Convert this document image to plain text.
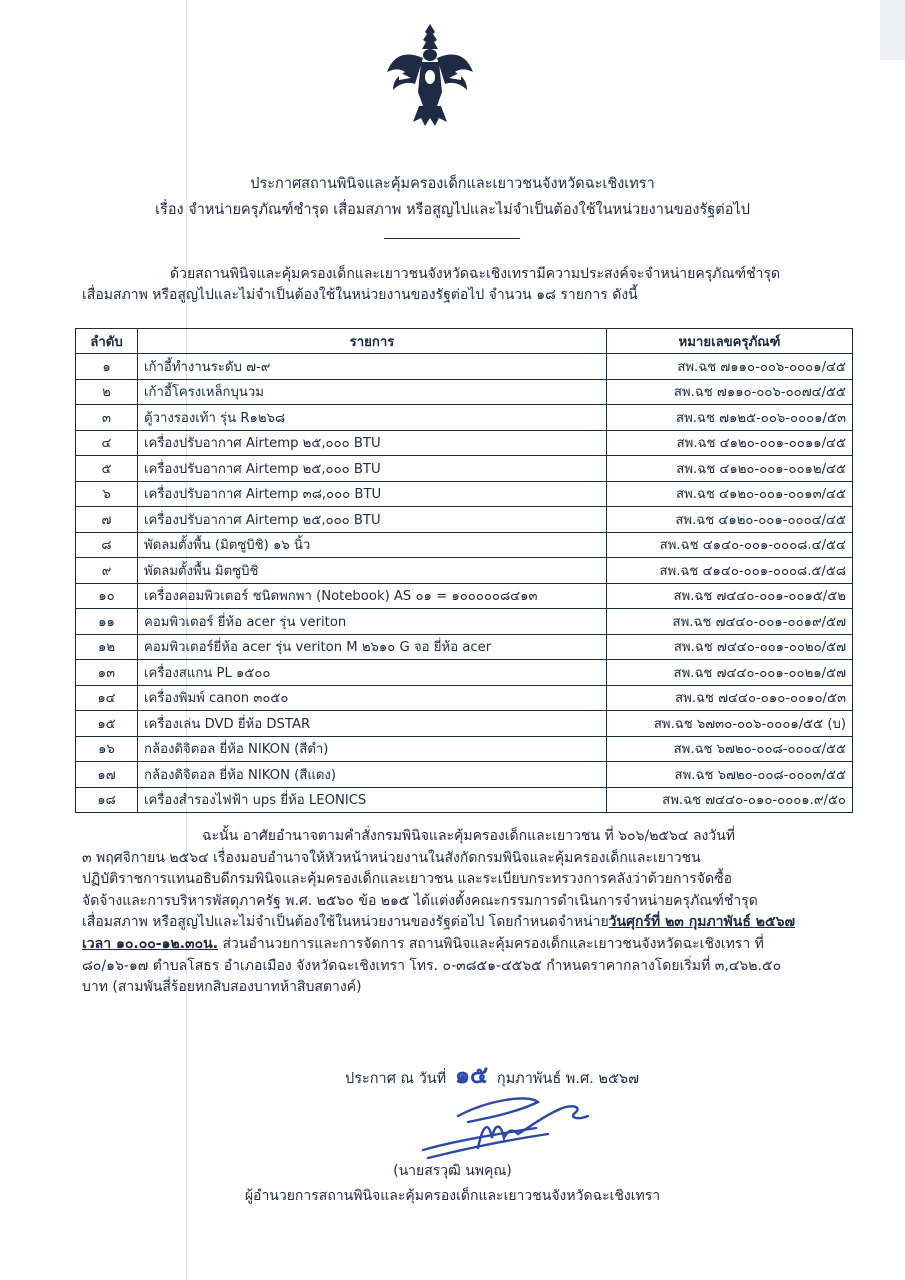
ประกาศสถานพินิจและคุ้มครองเด็กและเยาวชนจังหวัดฉะเชิงเทรา
เรื่อง จำหน่ายครุภัณฑ์ชำรุด เสื่อมสภาพ หรือสูญไปและไม่จำเป็นต้องใช้ในหน่วยงานของรัฐต่อไป
ด้วยสถานพินิจและคุ้มครองเด็กและเยาวชนจังหวัดฉะเชิงเทรามีความประสงค์จะจำหน่ายครุภัณฑ์ชำรุด
เสื่อมสภาพ หรือสูญไปและไม่จำเป็นต้องใช้ในหน่วยงานของรัฐต่อไป จำนวน ๑๘ รายการ ดังนี้
ลำดับ	รายการ	หมายเลขครุภัณฑ์
๑	เก้าอี้ทำงานระดับ ๗-๙	สพ.ฉช ๗๑๑๐-๐๐๖-๐๐๐๑/๔๕
๒	เก้าอี้โครงเหล็กบุนวม	สพ.ฉช ๗๑๑๐-๐๐๖-๐๐๗๔/๕๕
๓	ตู้วางรองเท้า รุ่น R๑๒๖๘	สพ.ฉช ๗๑๒๕-๐๐๖-๐๐๐๑/๕๓
๔	เครื่องปรับอากาศ Airtemp ๒๕,๐๐๐ BTU	สพ.ฉช ๔๑๒๐-๐๐๑-๐๐๑๑/๔๕
๕	เครื่องปรับอากาศ Airtemp ๒๕,๐๐๐ BTU	สพ.ฉช ๔๑๒๐-๐๐๑-๐๐๑๒/๔๕
๖	เครื่องปรับอากาศ Airtemp ๓๘,๐๐๐ BTU	สพ.ฉช ๔๑๒๐-๐๐๑-๐๐๑๓/๔๕
๗	เครื่องปรับอากาศ Airtemp ๒๕,๐๐๐ BTU	สพ.ฉช ๔๑๒๐-๐๐๑-๐๐๐๔/๔๕
๘	พัดลมตั้งพื้น (มิตซูบิชิ) ๑๖ นิ้ว	สพ.ฉช ๔๑๔๐-๐๐๑-๐๐๐๘.๔/๕๔
๙	พัดลมตั้งพื้น มิตซูบิชิ	สพ.ฉช ๔๑๔๐-๐๐๑-๐๐๐๘.๕/๕๘
๑๐	เครื่องคอมพิวเตอร์ ชนิดพกพา (Notebook) AS ๐๑ = ๑๐๐๐๐๐๘๔๑๓	สพ.ฉช ๗๔๔๐-๐๐๑-๐๐๑๕/๕๒
๑๑	คอมพิวเตอร์ ยี่ห้อ acer รุ่น veriton	สพ.ฉช ๗๔๔๐-๐๐๑-๐๐๑๙/๕๗
๑๒	คอมพิวเตอร์ยี่ห้อ acer รุ่น veriton M ๒๖๑๐ G จอ ยี่ห้อ acer	สพ.ฉช ๗๔๔๐-๐๐๑-๐๐๒๐/๕๗
๑๓	เครื่องสแกน PL ๑๕๐๐	สพ.ฉช ๗๔๔๐-๐๐๑-๐๐๒๑/๕๗
๑๔	เครื่องพิมพ์ canon ๓๐๕๐	สพ.ฉช ๗๔๔๐-๐๑๐-๐๐๑๐/๕๓
๑๕	เครื่องเล่น DVD ยี่ห้อ DSTAR	สพ.ฉช ๖๗๓๐-๐๐๖-๐๐๐๑/๕๕ (บ)
๑๖	กล้องดิจิตอล ยี่ห้อ NIKON (สีดำ)	สพ.ฉช ๖๗๒๐-๐๐๘-๐๐๐๔/๕๕
๑๗	กล้องดิจิตอล ยี่ห้อ NIKON (สีแดง)	สพ.ฉช ๖๗๒๐-๐๐๘-๐๐๐๓/๕๕
๑๘	เครื่องสำรองไฟฟ้า ups ยี่ห้อ LEONICS	สพ.ฉช ๗๔๔๐-๐๑๐-๐๐๐๑.๙/๕๐
ฉะนั้น อาศัยอำนาจตามคำสั่งกรมพินิจและคุ้มครองเด็กและเยาวชน ที่ ๖๐๖/๒๕๖๔ ลงวันที่
๓ พฤศจิกายน ๒๕๖๔ เรื่องมอบอำนาจให้หัวหน้าหน่วยงานในสังกัดกรมพินิจและคุ้มครองเด็กและเยาวชน
ปฏิบัติราชการแทนอธิบดีกรมพินิจและคุ้มครองเด็กและเยาวชน และระเบียบกระทรวงการคลังว่าด้วยการจัดซื้อ
จัดจ้างและการบริหารพัสดุภาครัฐ พ.ศ. ๒๕๖๐ ข้อ ๒๑๕ ได้แต่งตั้งคณะกรรมการดำเนินการจำหน่ายครุภัณฑ์ชำรุด
เสื่อมสภาพ หรือสูญไปและไม่จำเป็นต้องใช้ในหน่วยงานของรัฐต่อไป โดยกำหนดจำหน่ายวันศุกร์ที่ ๒๓ กุมภาพันธ์ ๒๕๖๗
เวลา ๑๐.๐๐-๑๒.๓๐น. ส่วนอำนวยการและการจัดการ สถานพินิจและคุ้มครองเด็กและเยาวชนจังหวัดฉะเชิงเทรา ที่
๘๐/๑๖-๑๗ ตำบลโสธร อำเภอเมือง จังหวัดฉะเชิงเทรา โทร. ๐-๓๘๕๑-๔๕๖๕ กำหนดราคากลางโดยเริ่มที่ ๓,๔๖๒.๕๐
บาท (สามพันสี่ร้อยหกสิบสองบาทห้าสิบสตางค์)
ประกาศ ณ วันที่ ๑๕ กุมภาพันธ์ พ.ศ. ๒๕๖๗
(นายสรวุฒิ นพคุณ)
ผู้อำนวยการสถานพินิจและคุ้มครองเด็กและเยาวชนจังหวัดฉะเชิงเทรา
